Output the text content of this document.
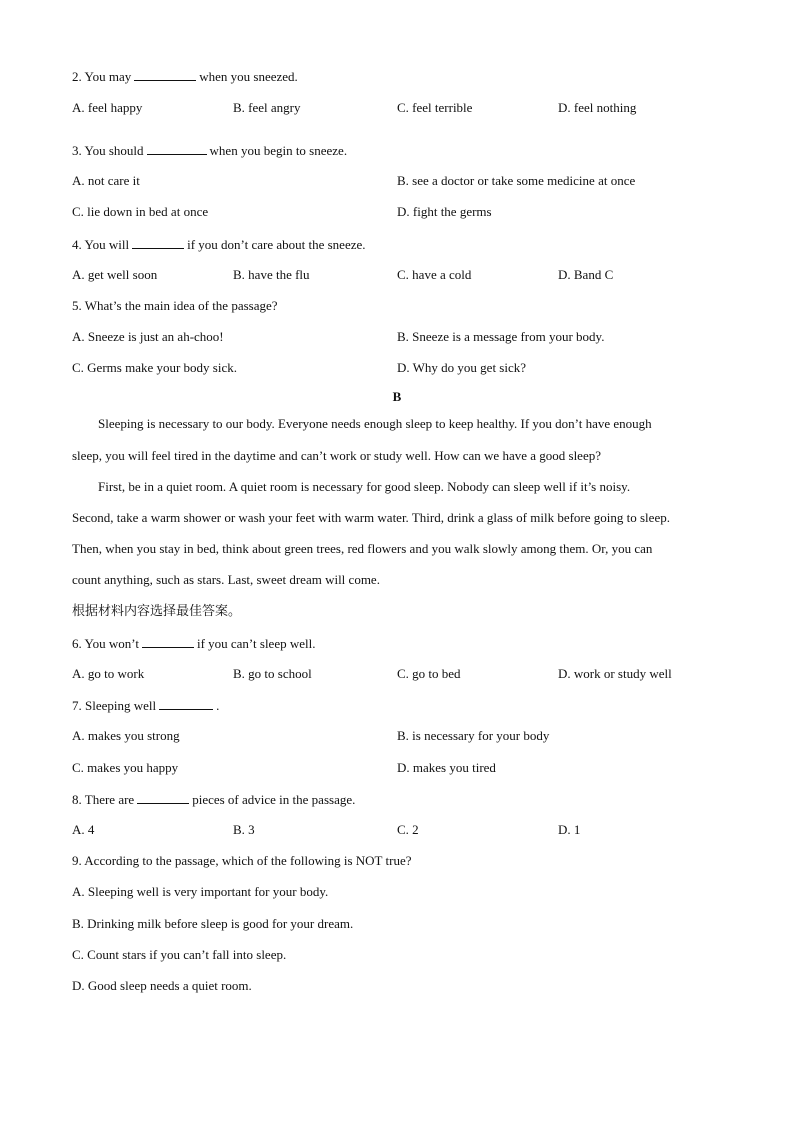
2. You may	when you sneezed.
A. feel happy	B. feel angry	C. feel terrible	D. feel nothing
3. You should	when you begin to sneeze.
A. not care it	B. see a doctor or take some medicine at once
C. lie down in bed at once	D. fight the germs
4. You will	if you don’t care about the sneeze.
A. get well soon	B. have the flu	C. have a cold	D. Band C
5. What’s the main idea of the passage?
A. Sneeze is just an ah-choo!	B. Sneeze is a message from your body.
C. Germs make your body sick.	D. Why do you get sick?
B
Sleeping is necessary to our body. Everyone needs enough sleep to keep healthy. If you don’t have enough
sleep, you will feel tired in the daytime and can’t work or study well. How can we have a good sleep?
First, be in a quiet room. A quiet room is necessary for good sleep. Nobody can sleep well if it’s noisy.
Second, take a warm shower or wash your feet with warm water. Third, drink a glass of milk before going to sleep.
Then, when you stay in bed, think about green trees, red flowers and you walk slowly among them. Or, you can
count anything, such as stars. Last, sweet dream will come.
根据材料内容选择最佳答案。
6. You won’t	if you can’t sleep well.
A. go to work	B. go to school	C. go to bed	D. work or study well
7. Sleeping well	.
A. makes you strong	B. is necessary for your body
C. makes you happy	D. makes you tired
8. There are	pieces of advice in the passage.
A. 4	B. 3	C. 2	D. 1
9. According to the passage, which of the following is NOT true?
A. Sleeping well is very important for your body.
B. Drinking milk before sleep is good for your dream.
C. Count stars if you can’t fall into sleep.
D. Good sleep needs a quiet room.
